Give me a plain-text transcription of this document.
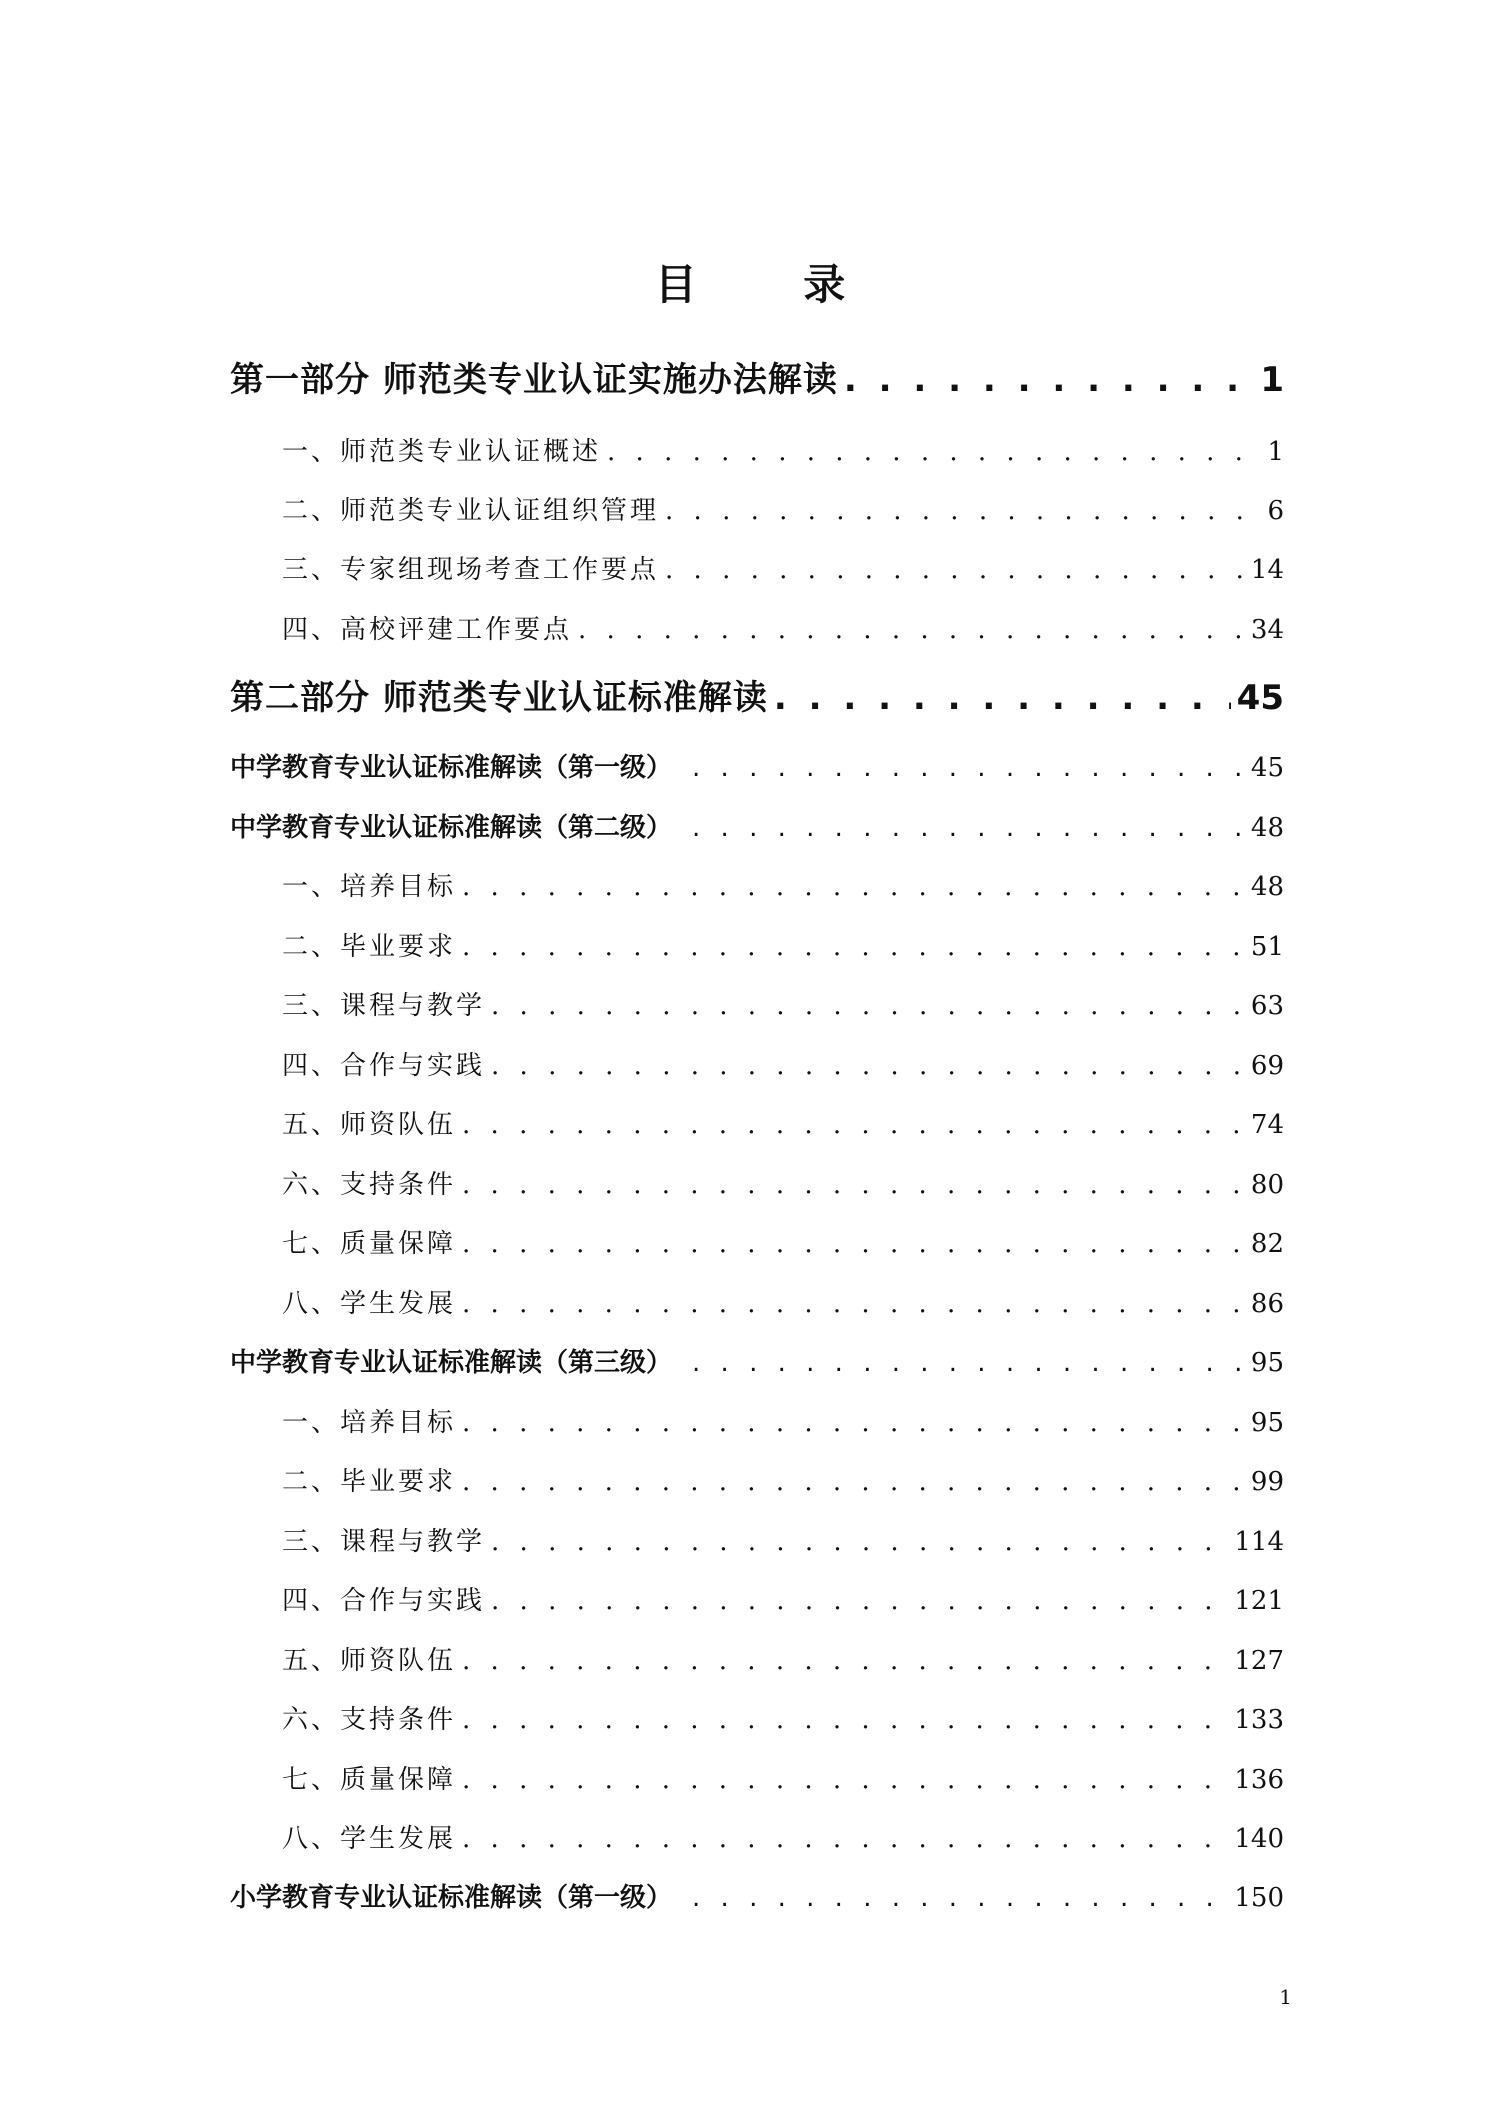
目 录
第一部分 师范类专业认证实施办法解读 . . .	1
一、师范类专业认证概述 . . .	1
二、师范类专业认证组织管理 . . .	6
三、专家组现场考查工作要点 . . .	14
四、高校评建工作要点 . . .	34
第二部分 师范类专业认证标准解读 . . .	45
中学教育专业认证标准解读（第一级） . . .	45
中学教育专业认证标准解读（第二级） . . .	48
一、培养目标 . . .	48
二、毕业要求 . . .	51
三、课程与教学 . . .	63
四、合作与实践 . . .	69
五、师资队伍 . . .	74
六、支持条件 . . .	80
七、质量保障 . . .	82
八、学生发展 . . .	86
中学教育专业认证标准解读（第三级） . . .	95
一、培养目标 . . .	95
二、毕业要求 . . .	99
三、课程与教学 . . .	114
四、合作与实践 . . .	121
五、师资队伍 . . .	127
六、支持条件 . . .	133
七、质量保障 . . .	136
八、学生发展 . . .	140
小学教育专业认证标准解读（第一级） . . .	150
1
